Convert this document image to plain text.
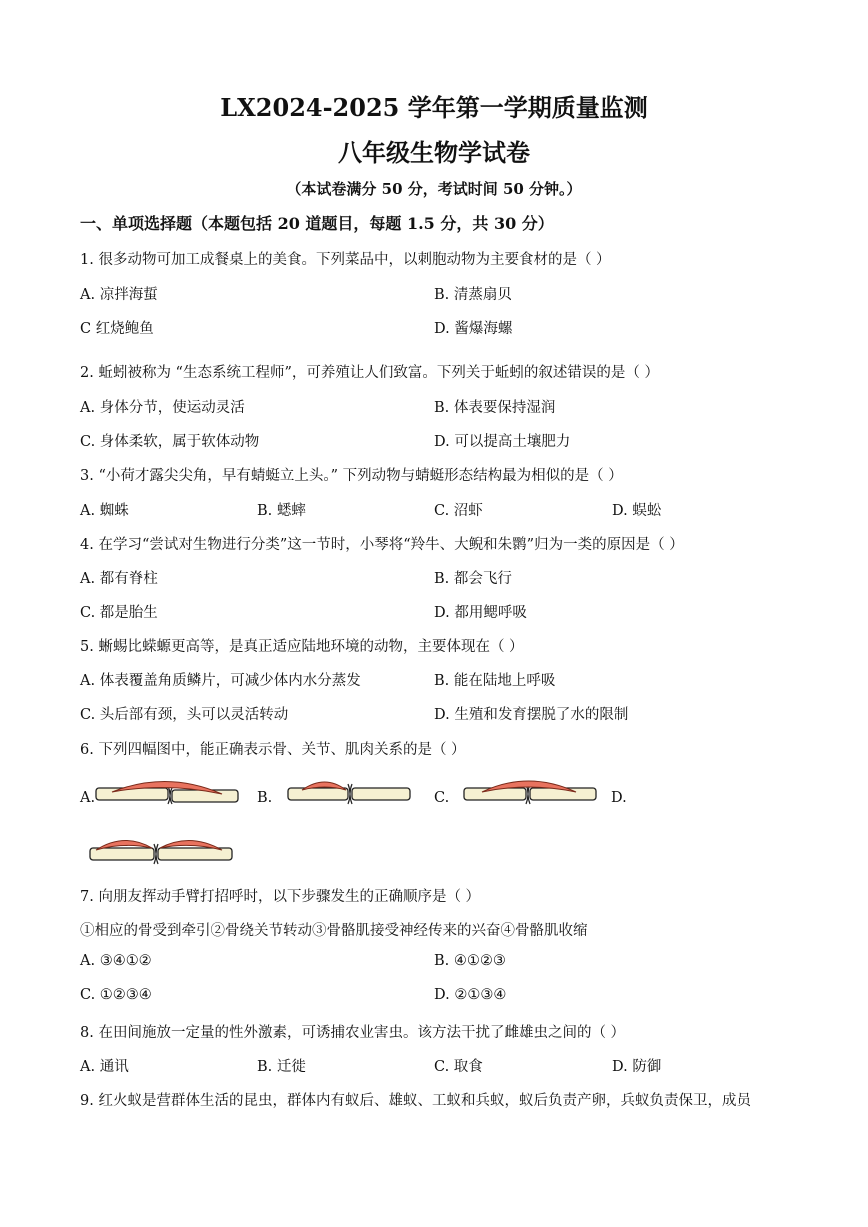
LX2024-2025 学年第一学期质量监测
八年级生物学试卷
（本试卷满分 50 分，考试时间 50 分钟。）
一、单项选择题（本题包括 20 道题目，每题 1.5 分，共 30 分）
1. 很多动物可加工成餐桌上的美食。下列菜品中，以刺胞动物为主要食材的是（ ）
A. 凉拌海蜇	B. 清蒸扇贝
C 红烧鲍鱼	D. 酱爆海螺
2. 蚯蚓被称为 “生态系统工程师”，可养殖让人们致富。下列关于蚯蚓的叙述错误的是（ ）
A. 身体分节，使运动灵活	B. 体表要保持湿润
C. 身体柔软，属于软体动物	D. 可以提高土壤肥力
3. “小荷才露尖尖角，早有蜻蜓立上头。” 下列动物与蜻蜓形态结构最为相似的是（ ）
A. 蜘蛛	B. 蟋蟀	C. 沼虾	D. 蜈蚣
4. 在学习“尝试对生物进行分类”这一节时，小琴将“羚牛、大鲵和朱鹮”归为一类的原因是（ ）
A. 都有脊柱	B. 都会飞行
C. 都是胎生	D. 都用鳃呼吸
5. 蜥蜴比蝾螈更高等，是真正适应陆地环境的动物，主要体现在（ ）
A. 体表覆盖角质鳞片，可减少体内水分蒸发	B. 能在陆地上呼吸
C. 头后部有颈，头可以灵活转动	D. 生殖和发育摆脱了水的限制
6. 下列四幅图中，能正确表示骨、关节、肌肉关系的是（ ）
A.	B.	C.	D.
7. 向朋友挥动手臂打招呼时，以下步骤发生的正确顺序是（ ）
①相应的骨受到牵引②骨绕关节转动③骨骼肌接受神经传来的兴奋④骨骼肌收缩
A. ③④①②	B. ④①②③
C. ①②③④	D. ②①③④
8. 在田间施放一定量的性外激素，可诱捕农业害虫。该方法干扰了雌雄虫之间的（ ）
A. 通讯	B. 迁徙	C. 取食	D. 防御
9. 红火蚁是营群体生活的昆虫，群体内有蚁后、雄蚁、工蚁和兵蚁，蚁后负责产卵，兵蚁负责保卫，成员
